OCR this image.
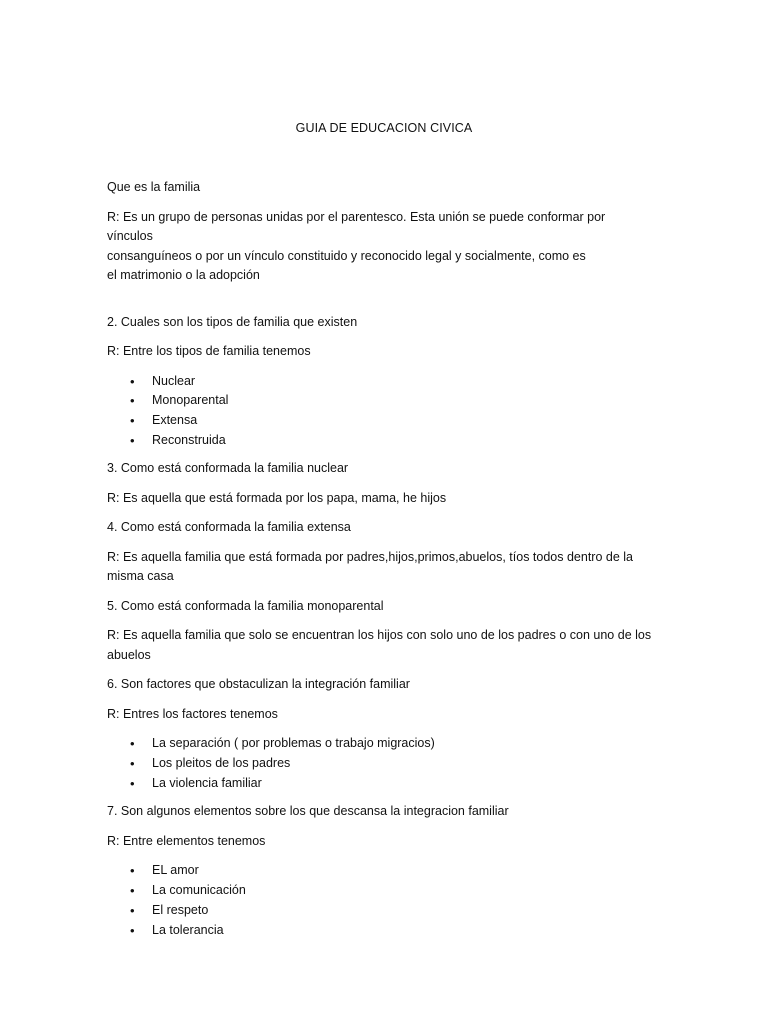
GUIA DE EDUCACION CIVICA

Que es la familia

R: Es un grupo de personas unidas por el parentesco. Esta unión se puede conformar por vínculos
consanguíneos o por un vínculo constituido y reconocido legal y socialmente, como es
el matrimonio o la adopción

2. Cuales son los tipos de familia que existen

R: Entre los tipos de familia tenemos

• Nuclear
• Monoparental
• Extensa
• Reconstruida

3. Como está conformada la familia nuclear

R: Es aquella que está formada por los papa, mama, he hijos

4. Como está conformada la familia extensa

R: Es aquella familia que está formada por padres,hijos,primos,abuelos, tíos todos dentro de la
misma casa

5. Como está conformada la familia monoparental

R: Es aquella familia que solo se encuentran los hijos con solo uno de los padres o con uno de los
abuelos

6. Son factores que obstaculizan la integración familiar

R: Entres los factores tenemos

• La separación ( por problemas o trabajo migracios)
• Los pleitos de los padres
• La violencia familiar

7. Son algunos elementos sobre los que descansa la integracion familiar

R: Entre elementos tenemos

• EL amor
• La comunicación
• El respeto
• La tolerancia
